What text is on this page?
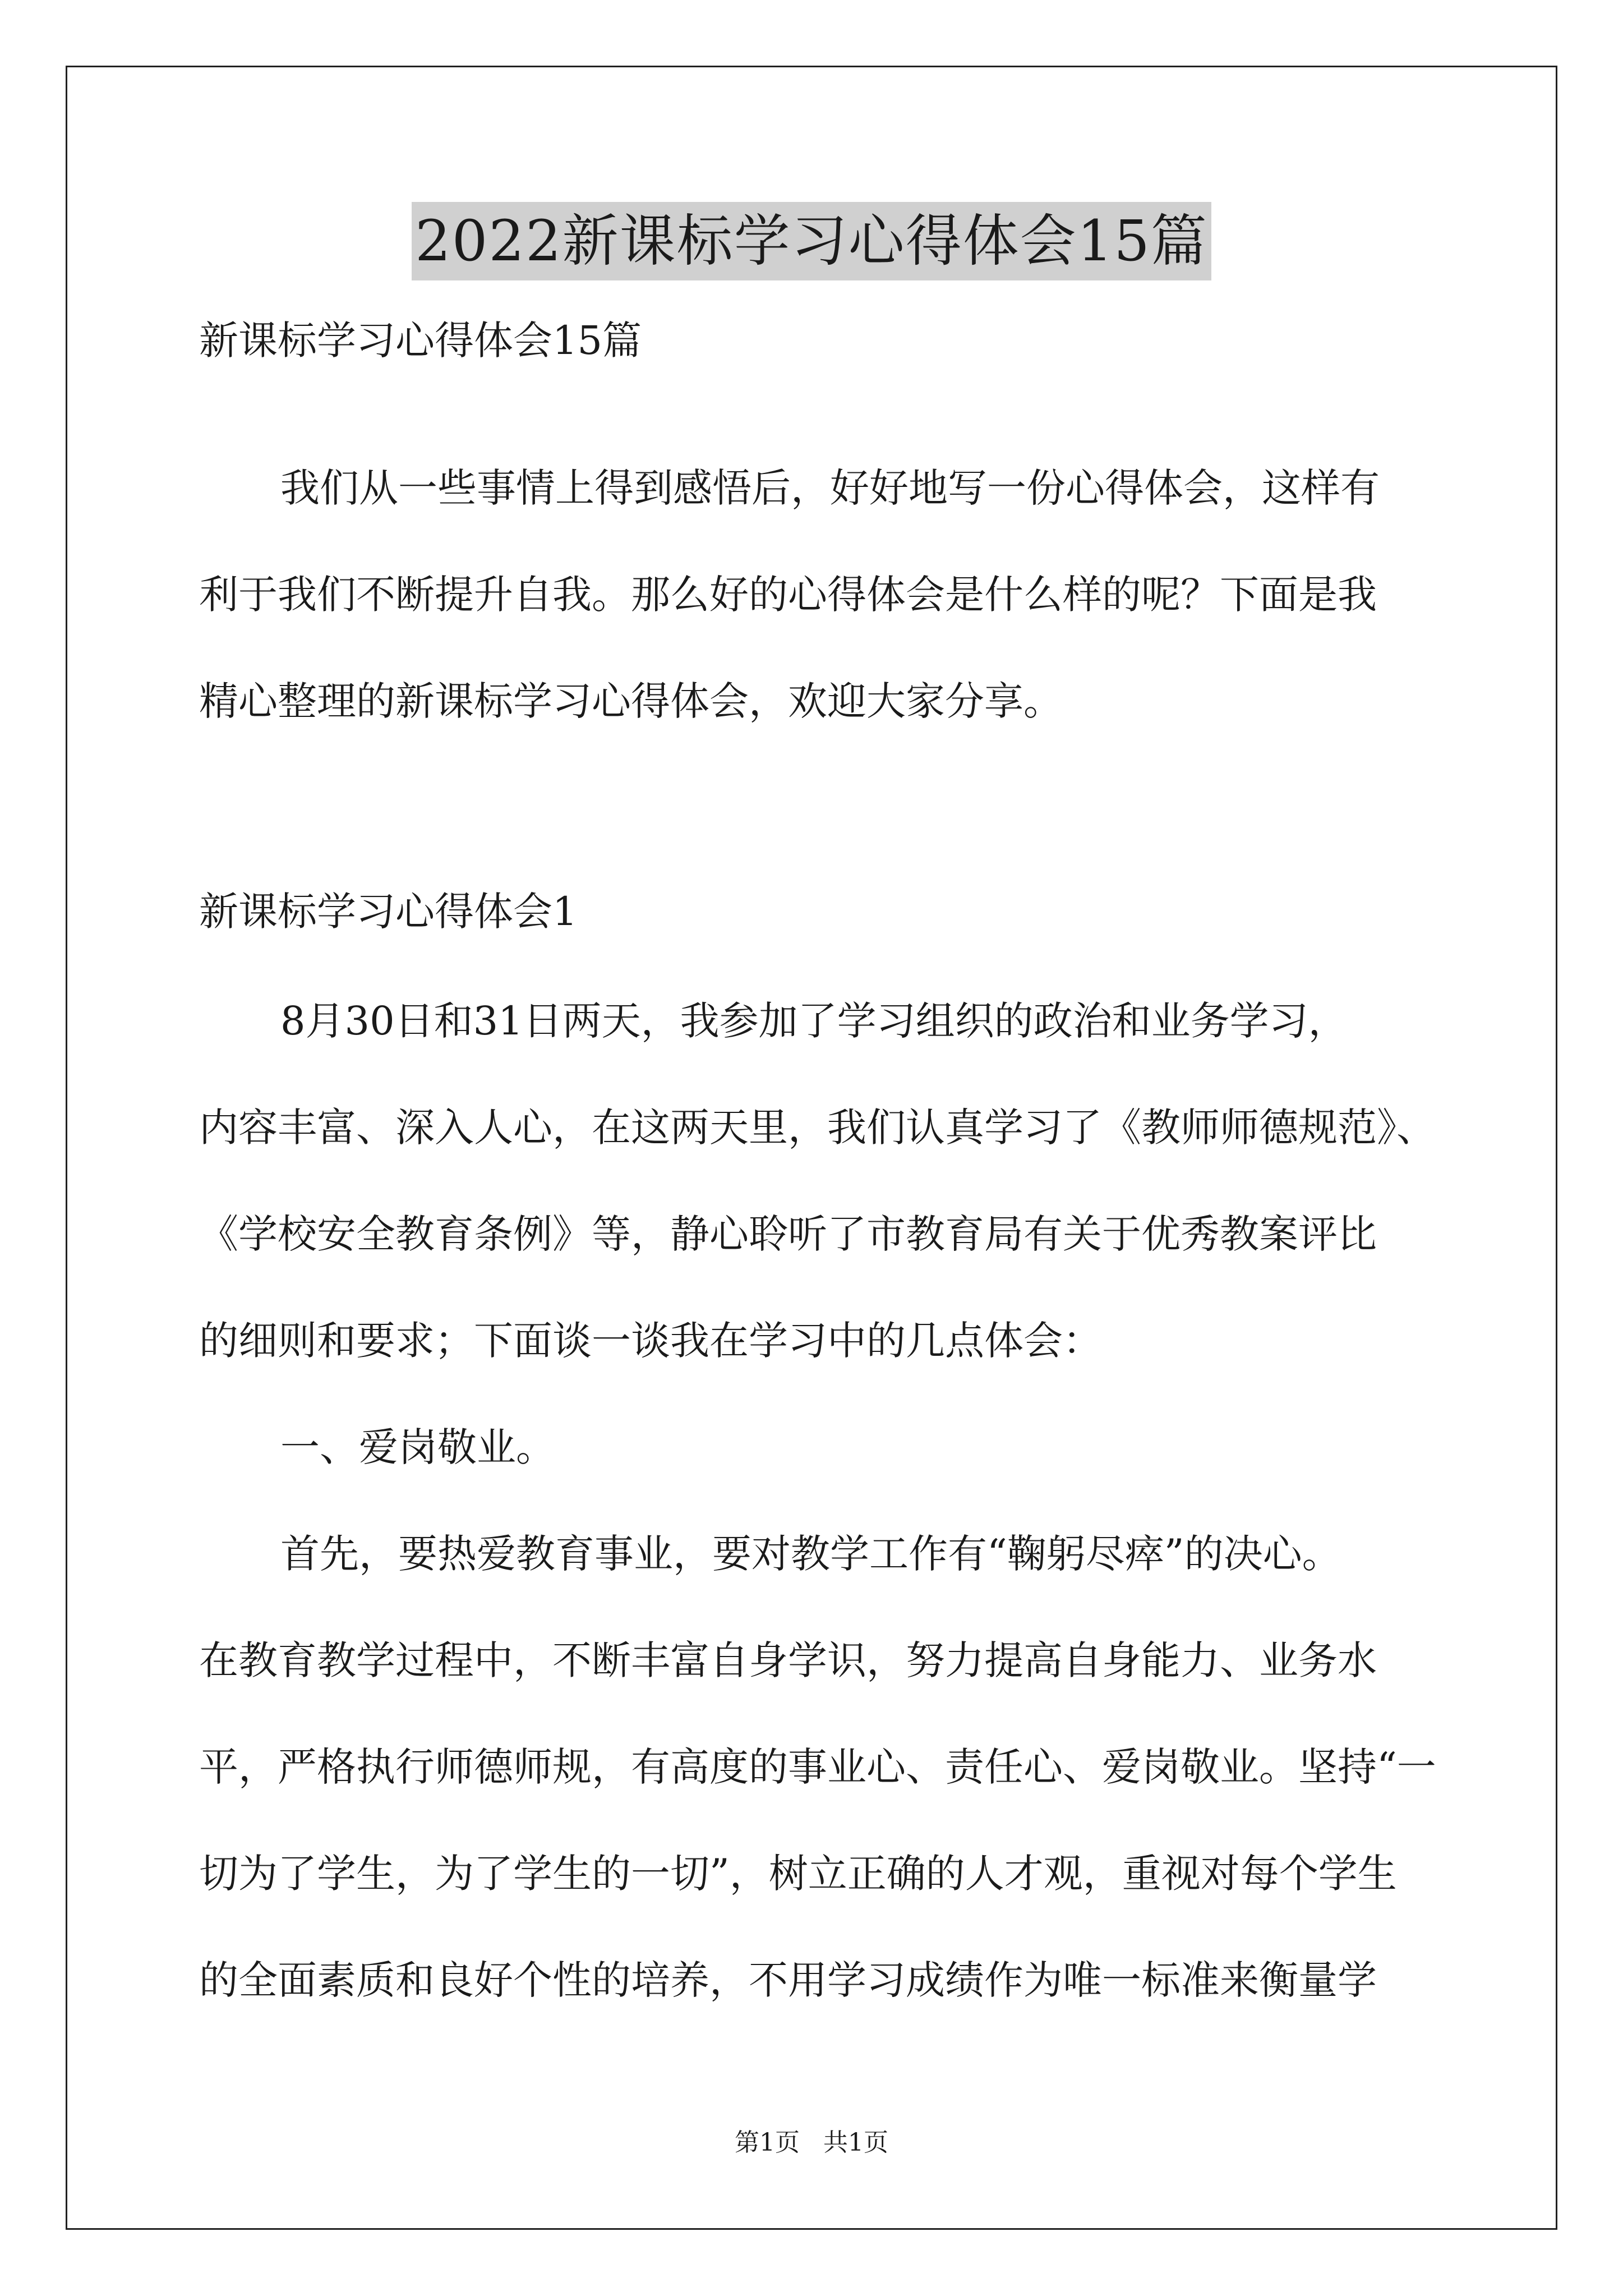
2022新课标学习心得体会15篇
新课标学习心得体会15篇
我们从一些事情上得到感悟后，好好地写一份心得体会，这样有
利于我们不断提升自我。那么好的心得体会是什么样的呢？下面是我
精心整理的新课标学习心得体会，欢迎大家分享。
新课标学习心得体会1
8月30日和31日两天，我参加了学习组织的政治和业务学习，
内容丰富、深入人心，在这两天里，我们认真学习了《教师师德规范》、
《学校安全教育条例》等，静心聆听了市教育局有关于优秀教案评比
的细则和要求；下面谈一谈我在学习中的几点体会：
一、爱岗敬业。
首先，要热爱教育事业，要对教学工作有“鞠躬尽瘁”的决心。
在教育教学过程中，不断丰富自身学识，努力提高自身能力、业务水
平，严格执行师德师规，有高度的事业心、责任心、爱岗敬业。坚持“一
切为了学生，为了学生的一切”，树立正确的人才观，重视对每个学生
的全面素质和良好个性的培养，不用学习成绩作为唯一标准来衡量学
第1页 共1页
